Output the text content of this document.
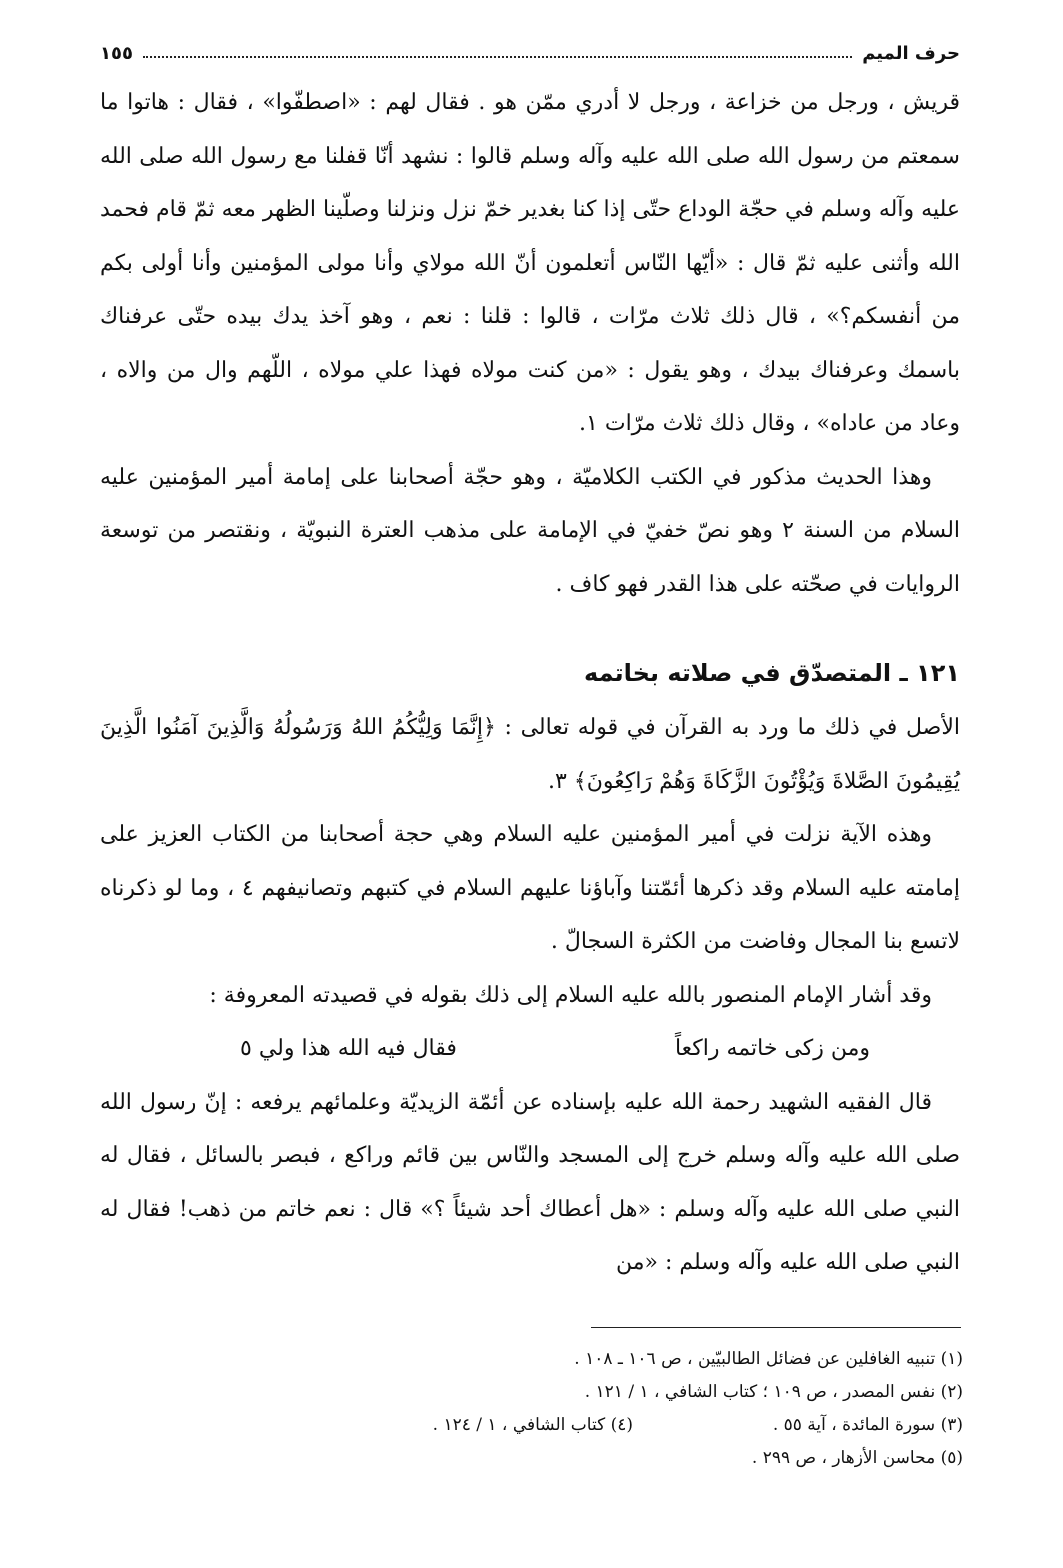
حرف الميم
١٥٥

قريش ، ورجل من خزاعة ، ورجل لا أدري ممّن هو . فقال لهم : «اصطفّوا» ، فقال : هاتوا ما سمعتم من رسول الله صلى الله عليه وآله وسلم قالوا : نشهد أنّا قفلنا مع رسول الله صلى الله عليه وآله وسلم في حجّة الوداع حتّى إذا كنا بغدير خمّ نزل ونزلنا وصلّينا الظهر معه ثمّ قام فحمد الله وأثنى عليه ثمّ قال : «أيّها النّاس أتعلمون أنّ الله مولاي وأنا مولى المؤمنين وأنا أولى بكم من أنفسكم؟» ، قال ذلك ثلاث مرّات ، قالوا : قلنا : نعم ، وهو آخذ يدك بيده حتّى عرفناك باسمك وعرفناك بيدك ، وهو يقول : «من كنت مولاه فهذا علي مولاه ، اللّهم وال من والاه ، وعاد من عاداه» ، وقال ذلك ثلاث مرّات ١.

وهذا الحديث مذكور في الكتب الكلاميّة ، وهو حجّة أصحابنا على إمامة أمير المؤمنين عليه السلام من السنة ٢ وهو نصّ خفيّ في الإمامة على مذهب العترة النبويّة ، ونقتصر من توسعة الروايات في صحّته على هذا القدر فهو كاف .

١٢١ ـ المتصدّق في صلاته بخاتمه

الأصل في ذلك ما ورد به القرآن في قوله تعالى : ﴿إِنَّمَا وَلِيُّكُمُ اللهُ وَرَسُولُهُ وَالَّذِينَ آمَنُوا الَّذِينَ يُقِيمُونَ الصَّلاةَ وَيُؤْتُونَ الزَّكَاةَ وَهُمْ رَاكِعُونَ﴾ ٣.

وهذه الآية نزلت في أمير المؤمنين عليه السلام وهي حجة أصحابنا من الكتاب العزيز على إمامته عليه السلام وقد ذكرها أئمّتنا وآباؤنا عليهم السلام في كتبهم وتصانيفهم ٤ ، وما لو ذكرناه لاتسع بنا المجال وفاضت من الكثرة السجالّ .

وقد أشار الإمام المنصور بالله عليه السلام إلى ذلك بقوله في قصيدته المعروفة :

ومن زكى خاتمه راكعاً
فقال فيه الله هذا ولي ٥

قال الفقيه الشهيد رحمة الله عليه بإسناده عن أئمّة الزيديّة وعلمائهم يرفعه : إنّ رسول الله صلى الله عليه وآله وسلم خرج إلى المسجد والنّاس بين قائم وراكع ، فبصر بالسائل ، فقال له النبي صلى الله عليه وآله وسلم : «هل أعطاك أحد شيئاً ؟» قال : نعم خاتم من ذهب! فقال له النبي صلى الله عليه وآله وسلم : «من

(١) تنبيه الغافلين عن فضائل الطالبيّين ، ص ١٠٦ ـ ١٠٨ .

(٢) نفس المصدر ، ص ١٠٩ ؛ كتاب الشافي ، ١ / ١٢١ .

(٣) سورة المائدة ، آية ٥٥ .
(٤) كتاب الشافي ، ١ / ١٢٤ .

(٥) محاسن الأزهار ، ص ٢٩٩ .
